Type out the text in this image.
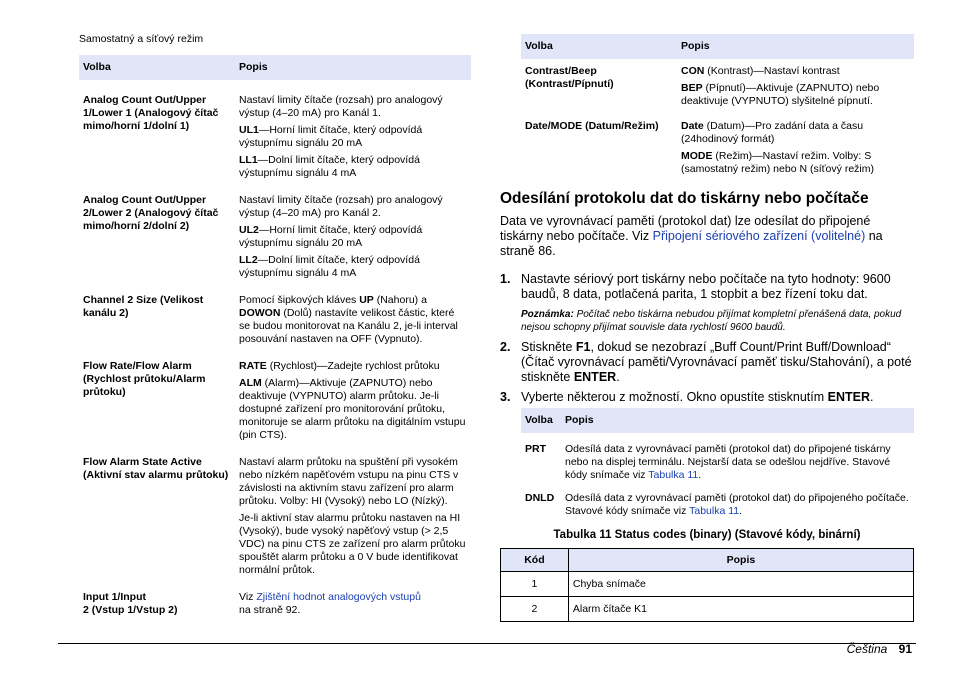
Samostatný a síťový režim
Volba	Popis
Analog Count Out/Upper 1/Lower 1 (Analogový čítač mimo/horní 1/dolní 1)	Nastaví limity čítače (rozsah) pro analogový výstup (4–20 mA) pro Kanál 1.

UL1—Horní limit čítače, který odpovídá výstupnímu signálu 20 mA

LL1—Dolní limit čítače, který odpovídá výstupnímu signálu 4 mA

Analog Count Out/Upper 2/Lower 2 (Analogový čítač mimo/horní 2/dolní 2)	Nastaví limity čítače (rozsah) pro analogový výstup (4–20 mA) pro Kanál 2.

UL2—Horní limit čítače, který odpovídá výstupnímu signálu 20 mA

LL2—Dolní limit čítače, který odpovídá výstupnímu signálu 4 mA

Channel 2 Size (Velikost kanálu 2)	Pomocí šipkových kláves UP (Nahoru) a DOWON (Dolů) nastavíte velikost částic, které se budou monitorovat na Kanálu 2, je-li interval posouvání nastaven na OFF (Vypnuto).

Flow Rate/Flow Alarm (Rychlost průtoku/Alarm průtoku)	RATE (Rychlost)—Zadejte rychlost průtoku

ALM (Alarm)—Aktivuje (ZAPNUTO) nebo deaktivuje (VYPNUTO) alarm průtoku. Je-li dostupné zařízení pro monitorování průtoku, monitoruje se alarm průtoku na digitálním vstupu (pin CTS).

Flow Alarm State Active (Aktivní stav alarmu průtoku)	Nastaví alarm průtoku na spuštění při vysokém nebo nízkém napěťovém vstupu na pinu CTS v závislosti na aktivním stavu zařízení pro alarm průtoku. Volby: HI (Vysoký) nebo LO (Nízký).

Je-li aktivní stav alarmu průtoku nastaven na HI (Vysoký), bude vysoký napěťový vstup (> 2,5 VDC) na pinu CTS ze zařízení pro alarm průtoku spouštět alarm průtoku a 0 V bude identifikovat normální průtok.

Input 1/Input
2 (Vstup 1/Vstup 2)	Viz Zjištění hodnot analogových vstupů
na straně 92.

Volba	Popis
Contrast/Beep (Kontrast/Pípnutí)	CON (Kontrast)—Nastaví kontrast

BEP (Pípnutí)—Aktivuje (ZAPNUTO) nebo deaktivuje (VYPNUTO) slyšitelné pípnutí.

Date/MODE (Datum/Režim)	Date (Datum)—Pro zadání data a času (24hodinový formát)

MODE (Režim)—Nastaví režim. Volby: S (samostatný režim) nebo N (síťový režim)

Odesílání protokolu dat do tiskárny nebo počítače
Data ve vyrovnávací paměti (protokol dat) lze odesílat do připojené tiskárny nebo počítače. Viz Připojení sériového zařízení (volitelné) na straně 86.
1. Nastavte sériový port tiskárny nebo počítače na tyto hodnoty: 9600 baudů, 8 data, potlačená parita, 1 stopbit a bez řízení toku dat.
Poznámka: Počítač nebo tiskárna nebudou přijímat kompletní přenášená data, pokud nejsou schopny přijímat souvisle data rychlostí 9600 baudů.
2. Stiskněte F1, dokud se nezobrazí „Buff Count/Print Buff/Download“ (Čítač vyrovnávací paměti/Vyrovnávací paměť tisku/Stahování), a poté stiskněte ENTER.
3. Vyberte některou z možností. Okno opustíte stisknutím ENTER.
Volba	Popis
PRT	Odesílá data z vyrovnávací paměti (protokol dat) do připojené tiskárny nebo na displej terminálu. Nejstarší data se odešlou nejdříve. Stavové kódy snímače viz Tabulka 11.
DNLD	Odesílá data z vyrovnávací paměti (protokol dat) do připojeného počítače. Stavové kódy snímače viz Tabulka 11.
Tabulka 11 Status codes (binary) (Stavové kódy, binární)
Kód	Popis
1	Chyba snímače
2	Alarm čítače K1
Čeština 91
